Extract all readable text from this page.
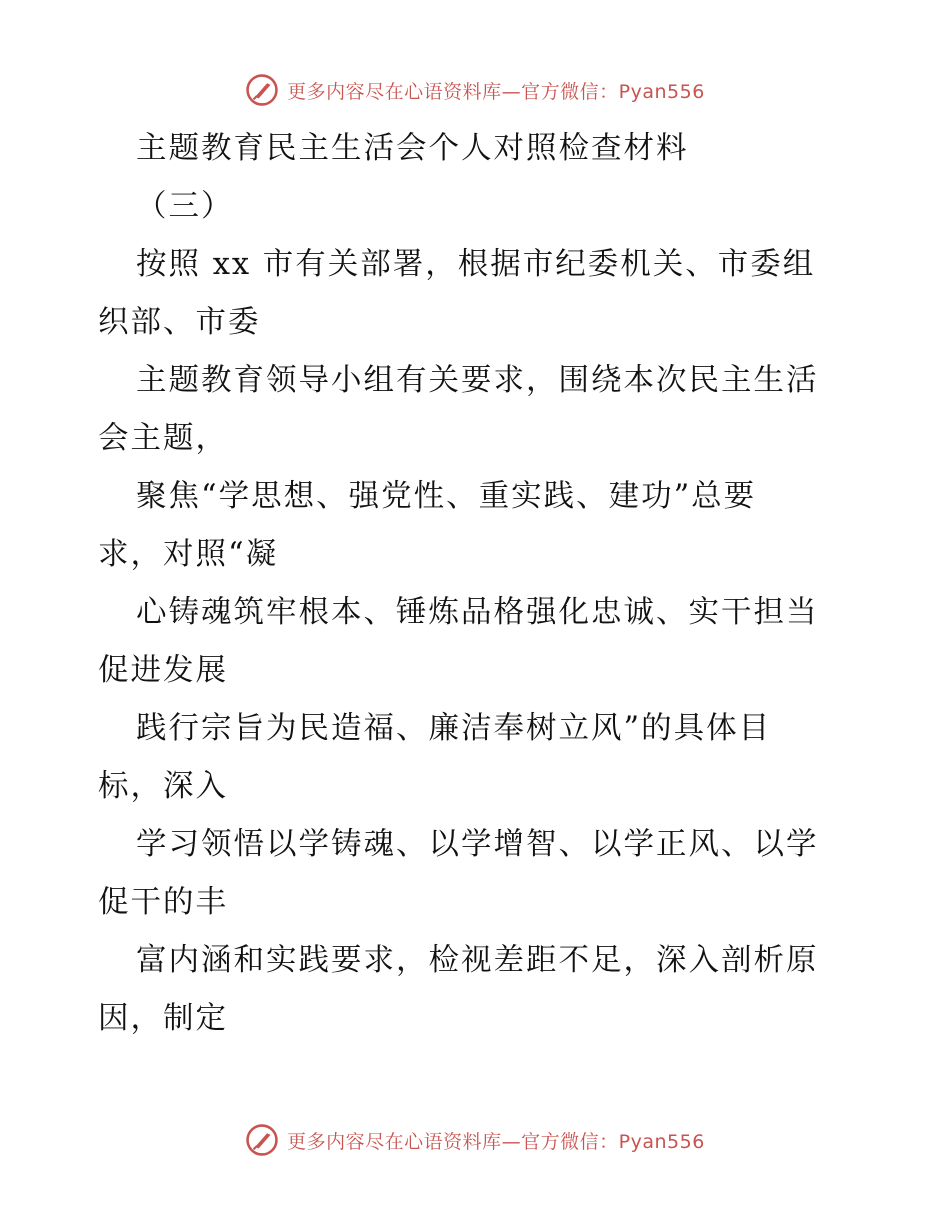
更多内容尽在心语资料库—官方微信：Pyan556
主题教育民主生活会个人对照检查材料
（三）
按照 xx 市有关部署，根据市纪委机关、市委组
织部、市委
主题教育领导小组有关要求，围绕本次民主生活
会主题，
聚焦“学思想、强党性、重实践、建功”总要
求，对照“凝
心铸魂筑牢根本、锤炼品格强化忠诚、实干担当
促进发展
践行宗旨为民造福、廉洁奉树立风”的具体目
标，深入
学习领悟以学铸魂、以学增智、以学正风、以学
促干的丰
富内涵和实践要求，检视差距不足，深入剖析原
因，制定
更多内容尽在心语资料库—官方微信：Pyan556
